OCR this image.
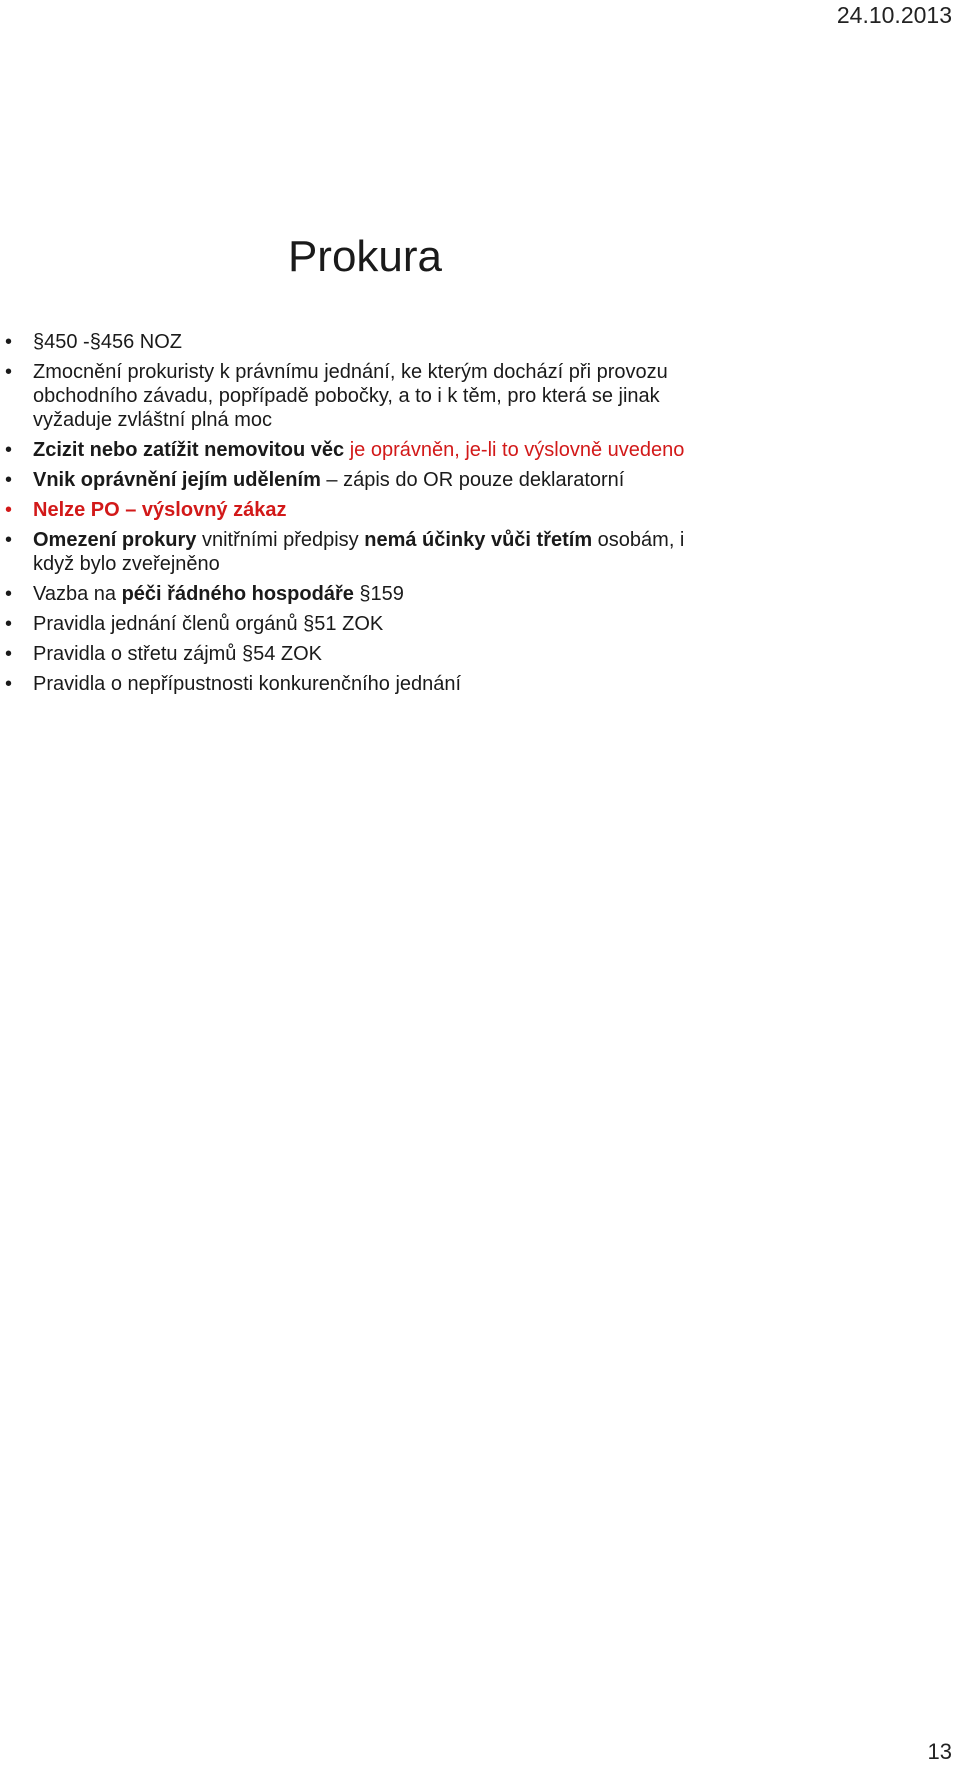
24.10.2013
Prokura
• §450 -§456 NOZ
• Zmocnění prokuristy k právnímu jednání, ke kterým dochází při provozu obchodního závadu, popřípadě pobočky, a to i k těm, pro která se jinak vyžaduje zvláštní plná moc
• Zcizit nebo zatížit nemovitou věc je oprávněn, je-li to výslovně uvedeno
• Vnik oprávnění jejím udělením – zápis do OR pouze deklaratorní
• Nelze PO – výslovný zákaz
• Omezení prokury vnitřními předpisy nemá účinky vůči třetím osobám, i když bylo zveřejněno
• Vazba na péči řádného hospodáře §159
• Pravidla jednání členů orgánů §51 ZOK
• Pravidla o střetu zájmů §54 ZOK
• Pravidla o nepřípustnosti konkurenčního jednání
13
